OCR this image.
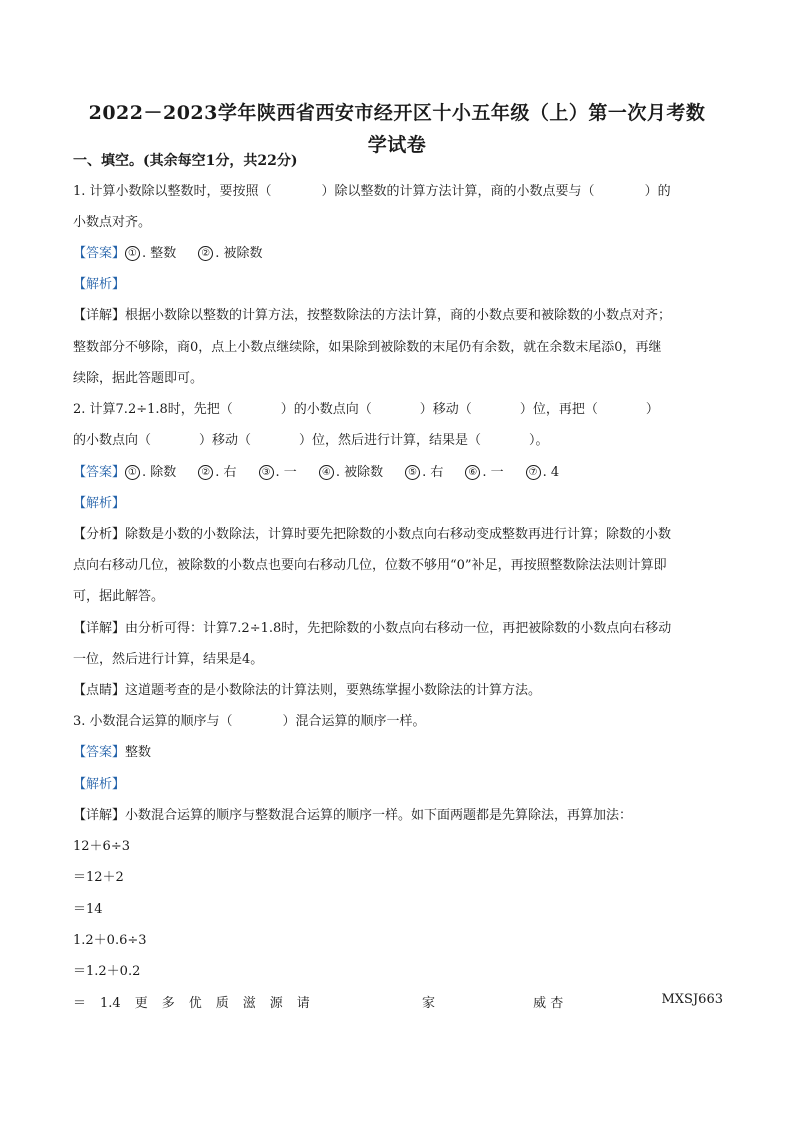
2022－2023学年陕西省西安市经开区十小五年级（上）第一次月考数
学试卷
一、填空。(其余每空1分，共22分)
1. 计算小数除以整数时，要按照（	）除以整数的计算方法计算，商的小数点要与（	）的
小数点对齐。
【答案】 ① . 整数	② . 被除数
【解析】
【详解】根据小数除以整数的计算方法，按整数除法的方法计算，商的小数点要和被除数的小数点对齐；
整数部分不够除，商0，点上小数点继续除，如果除到被除数的末尾仍有余数，就在余数末尾添0，再继
续除，据此答题即可。
2. 计算7.2÷1.8时，先把（	）的小数点向（	）移动（	）位，再把（	）
的小数点向（	）移动（	）位，然后进行计算，结果是（	）。
【答案】 ① . 除数	② . 右	③ . 一	④ . 被除数	⑤ . 右	⑥ . 一	⑦ . 4
【解析】
【分析】除数是小数的小数除法，计算时要先把除数的小数点向右移动变成整数再进行计算；除数的小数
点向右移动几位，被除数的小数点也要向右移动几位，位数不够用“0”补足，再按照整数除法法则计算即
可，据此解答。
【详解】由分析可得：计算7.2÷1.8时，先把除数的小数点向右移动一位，再把被除数的小数点向右移动
一位，然后进行计算，结果是4。
【点睛】这道题考查的是小数除法的计算法则，要熟练掌握小数除法的计算方法。
3. 小数混合运算的顺序与（	）混合运算的顺序一样。
【答案】整数
【解析】
【详解】小数混合运算的顺序与整数混合运算的顺序一样。如下面两题都是先算除法，再算加法：
12＋6÷3
＝12＋2
＝14
1.2＋0.6÷3
＝1.2＋0.2
＝ 1.4 更 多 优 质 滋 源 请	家	威 杏	MXSJ663
